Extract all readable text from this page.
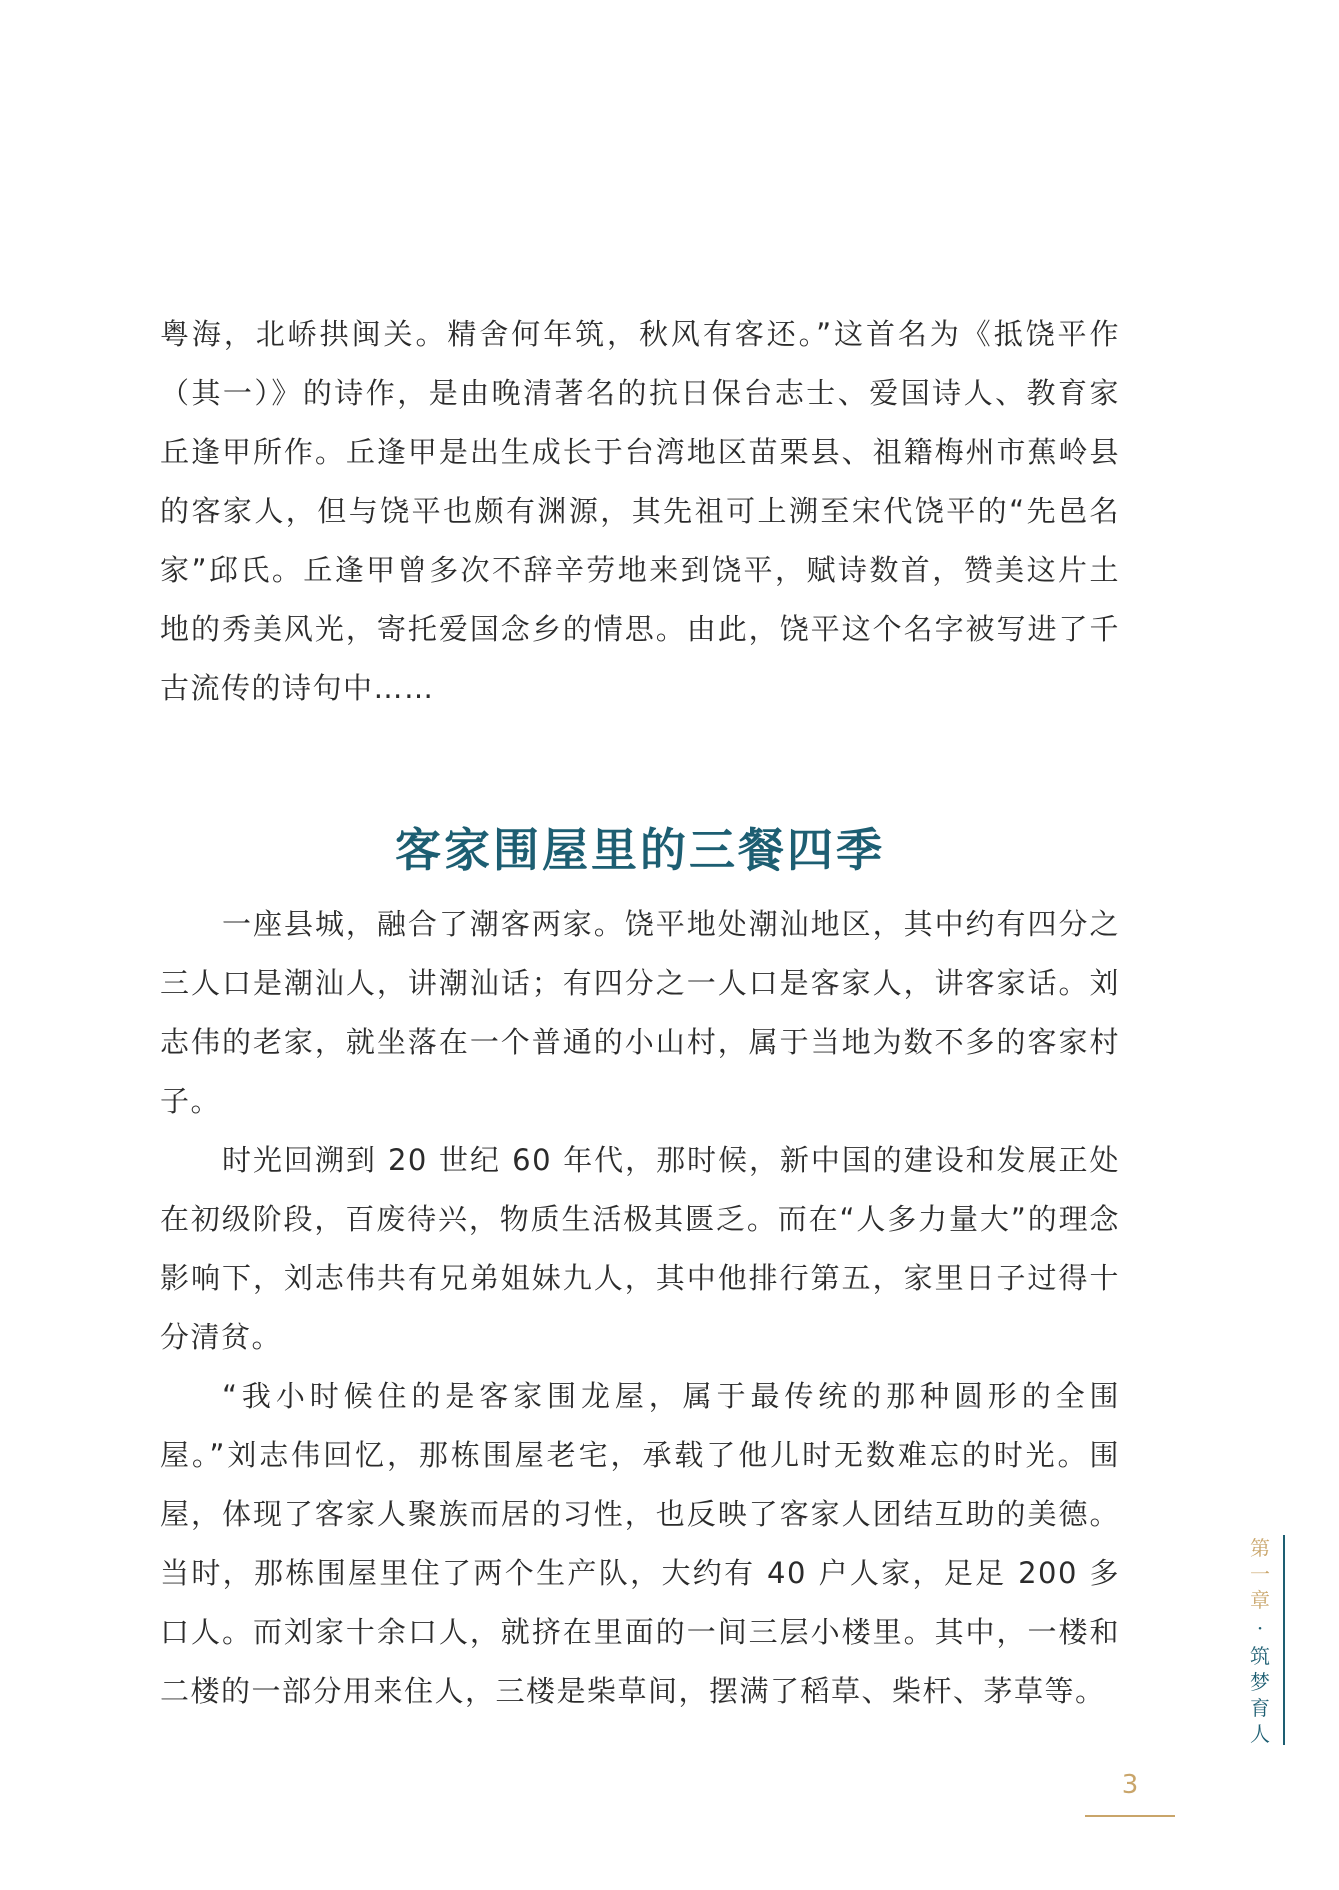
粤海，北峤拱闽关。精舍何年筑，秋风有客还。”这首名为《抵饶平作（其一）》的诗作，是由晚清著名的抗日保台志士、爱国诗人、教育家丘逢甲所作。丘逢甲是出生成长于台湾地区苗栗县、祖籍梅州市蕉岭县的客家人，但与饶平也颇有渊源，其先祖可上溯至宋代饶平的“先邑名家”邱氏。丘逢甲曾多次不辞辛劳地来到饶平，赋诗数首，赞美这片土地的秀美风光，寄托爱国念乡的情思。由此，饶平这个名字被写进了千古流传的诗句中……

客家围屋里的三餐四季

一座县城，融合了潮客两家。饶平地处潮汕地区，其中约有四分之三人口是潮汕人，讲潮汕话；有四分之一人口是客家人，讲客家话。刘志伟的老家，就坐落在一个普通的小山村，属于当地为数不多的客家村子。

时光回溯到 20 世纪 60 年代，那时候，新中国的建设和发展正处在初级阶段，百废待兴，物质生活极其匮乏。而在“人多力量大”的理念影响下，刘志伟共有兄弟姐妹九人，其中他排行第五，家里日子过得十分清贫。

“我小时候住的是客家围龙屋，属于最传统的那种圆形的全围屋。”刘志伟回忆，那栋围屋老宅，承载了他儿时无数难忘的时光。围屋，体现了客家人聚族而居的习性，也反映了客家人团结互助的美德。当时，那栋围屋里住了两个生产队，大约有 40 户人家，足足 200 多口人。而刘家十余口人，就挤在里面的一间三层小楼里。其中，一楼和二楼的一部分用来住人，三楼是柴草间，摆满了稻草、柴杆、茅草等。

第
一
章
·
筑
梦
育
人
3
